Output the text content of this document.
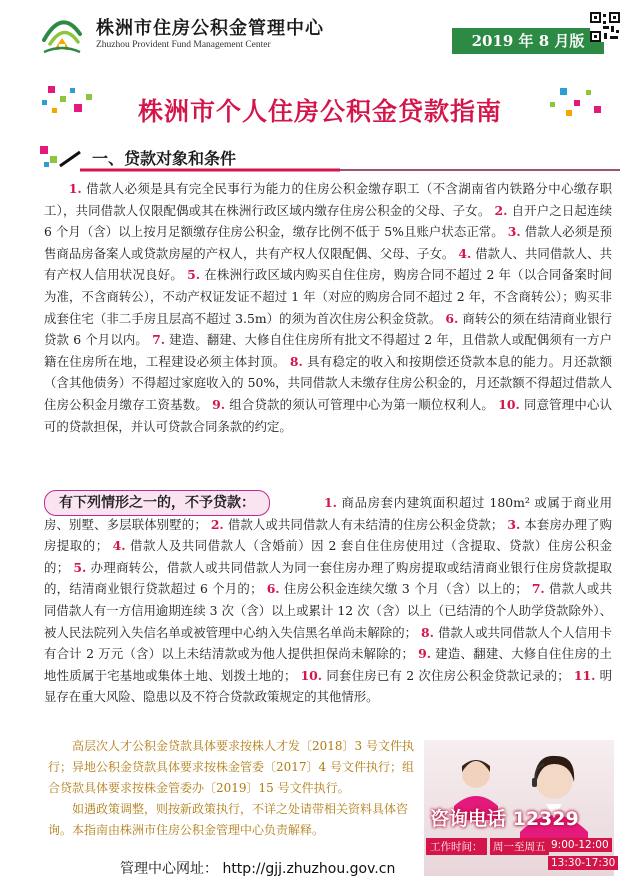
株洲市住房公积金管理中心
Zhuzhou Provident Fund Management Center	2019 年 8 月版
株洲市个人住房公积金贷款指南
一、贷款对象和条件
1. 借款人必须是具有完全民事行为能力的住房公积金缴存职工（不含湖南省内铁路分中心缴存职工），共同借款人仅限配偶或其在株洲行政区域内缴存住房公积金的父母、子女。 2. 自开户之日起连续 6 个月（含）以上按月足额缴存住房公积金，缴存比例不低于 5%且账户状态正常。 3. 借款人必须是预售商品房备案人或贷款房屋的产权人，共有产权人仅限配偶、父母、子女。 4. 借款人、共同借款人、共有产权人信用状况良好。 5. 在株洲行政区域内购买自住住房，购房合同不超过 2 年（以合同备案时间为准，不含商转公），不动产权证发证不超过 1 年（对应的购房合同不超过 2 年，不含商转公）；购买非成套住宅（非二手房且层高不超过 3.5m）的须为首次住房公积金贷款。 6. 商转公的须在结清商业银行贷款 6 个月以内。 7. 建造、翻建、大修自住住房所有批文不得超过 2 年，且借款人或配偶须有一方户籍在住房所在地，工程建设必须主体封顶。 8. 具有稳定的收入和按期偿还贷款本息的能力。月还款额（含其他债务）不得超过家庭收入的 50%，共同借款人未缴存住房公积金的，月还款额不得超过借款人住房公积金月缴存工资基数。 9. 组合贷款的须认可管理中心为第一顺位权利人。 10. 同意管理中心认可的贷款担保，并认可贷款合同条款的约定。
有下列情形之一的，不予贷款：	1. 商品房套内建筑面积超过 180m² 或属于商业用房、别墅、多层联体别墅的； 2. 借款人或共同借款人有未结清的住房公积金贷款； 3. 本套房办理了购房提取的； 4. 借款人及共同借款人（含婚前）因 2 套自住住房使用过（含提取、贷款）住房公积金的； 5. 办理商转公，借款人或共同借款人为同一套住房办理了购房提取或结清商业银行住房贷款提取的，结清商业银行贷款超过 6 个月的； 6. 住房公积金连续欠缴 3 个月（含）以上的； 7. 借款人或共同借款人有一方信用逾期连续 3 次（含）以上或累计 12 次（含）以上（已结清的个人助学贷款除外）、被人民法院列入失信名单或被管理中心纳入失信黑名单尚未解除的； 8. 借款人或共同借款人个人信用卡有合计 2 万元（含）以上未结清款或为他人提供担保尚未解除的； 9. 建造、翻建、大修自住住房的土地性质属于宅基地或集体土地、划拨土地的； 10. 同套住房已有 2 次住房公积金贷款记录的； 11. 明显存在重大风险、隐患以及不符合贷款政策规定的其他情形。
高层次人才公积金贷款具体要求按株人才发〔2018〕3 号文件执行；异地公积金贷款具体要求按株金管委〔2017〕4 号文件执行；组合贷款具体要求按株金管委办〔2019〕15 号文件执行。
如遇政策调整，则按新政策执行，不详之处请带相关资料具体咨询。本指南由株洲市住房公积金管理中心负责解释。	咨询电话 12329
工作时间：	周一至周五 9:00-12:00
13:30-17:30
管理中心网址： http://gjj.zhuzhou.gov.cn
